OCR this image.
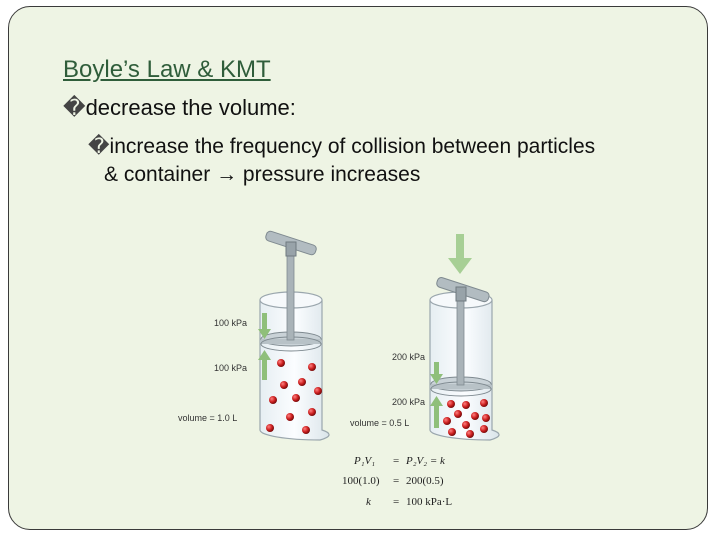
Boyle’s Law & KMT
�decrease the volume:
�increase the frequency of collision between particles
& container → pressure increases
100 kPa
100 kPa
volume = 1.0 L
200 kPa
200 kPa
volume = 0.5 L
P₁V₁ = P₂V₂ = k
100(1.0) = 200(0.5)
k = 100 kPa·L
